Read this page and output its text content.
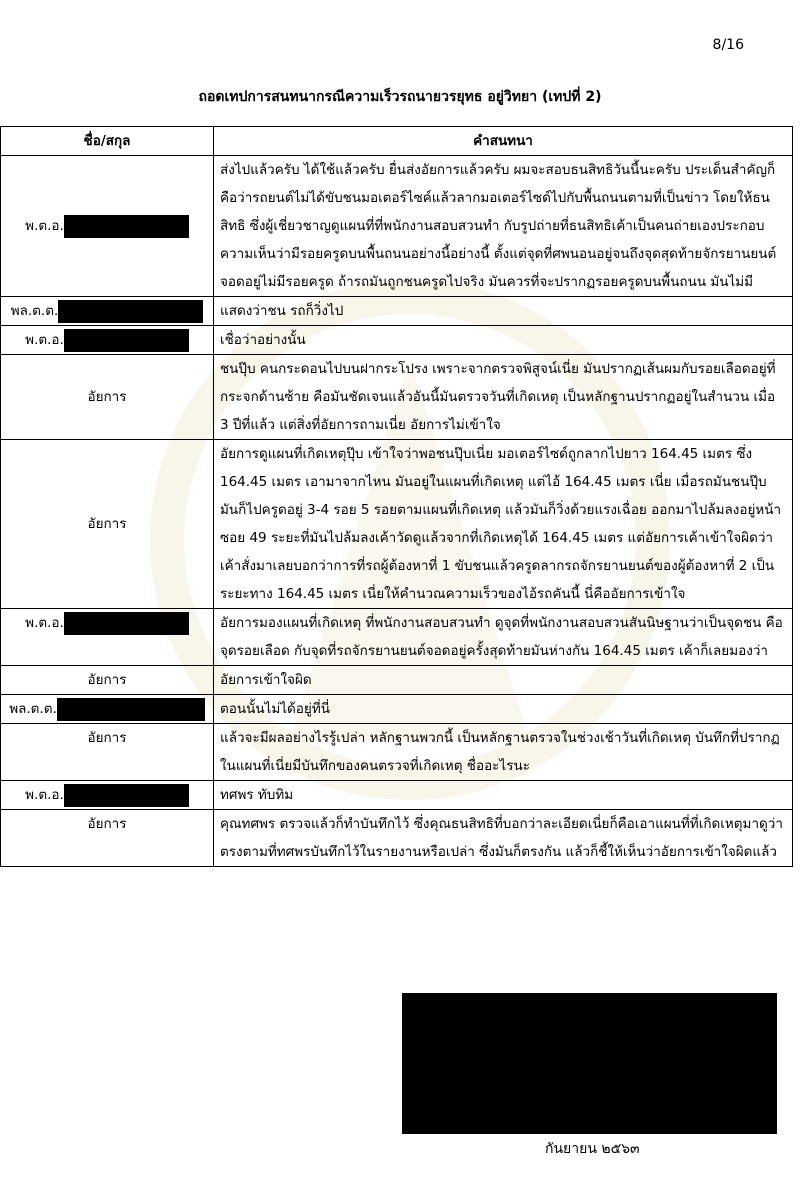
8/16
ถอดเทปการสนทนากรณีความเร็วรถนายวรยุทธ อยู่วิทยา (เทปที่ 2)
ชื่อ/สกุล	คำสนทนา
พ.ต.อ.	ส่งไปแล้วครับ ได้ใช้แล้วครับ ยื่นส่งอัยการแล้วครับ ผมจะสอบธนสิทธิวันนี้นะครับ ประเด็นสำคัญก็คือว่ารถยนต์ไม่ได้ขับชนมอเตอร์ไซค์แล้วลากมอเตอร์ไซด์ไปกับพื้นถนนตามที่เป็นข่าว โดยให้ธนสิทธิ ซึ่งผู้เชี่ยวชาญดูแผนที่ที่พนักงานสอบสวนทำ กับรูปถ่ายที่ธนสิทธิเค้าเป็นคนถ่ายเองประกอบความเห็นว่ามีรอยครูดบนพื้นถนนอย่างนี้อย่างนี้ ตั้งแต่จุดที่ศพนอนอยู่จนถึงจุดสุดท้ายจักรยานยนต์จอดอยู่ไม่มีรอยครูด ถ้ารถมันถูกชนครูดไปจริง มันควรที่จะปรากฏรอยครูดบนพื้นถนน มันไม่มี
พล.ต.ต.	แสดงว่าชน รถก็วิ่งไป
พ.ต.อ.	เชื่อว่าอย่างนั้น
อัยการ	ชนปุ๊บ คนกระดอนไปบนฝากระโปรง เพราะจากตรวจพิสูจน์เนี่ย มันปรากฏเส้นผมกับรอยเลือดอยู่ที่กระจกด้านซ้าย คือมันชัดเจนแล้วอันนี้มันตรวจวันที่เกิดเหตุ เป็นหลักฐานปรากฏอยู่ในสำนวน เมื่อ 3 ปีที่แล้ว แต่สิ่งที่อัยการถามเนี่ย อัยการไม่เข้าใจ
อัยการ	อัยการดูแผนที่เกิดเหตุปุ๊บ เข้าใจว่าพอชนปุ๊บเนี่ย มอเตอร์ไซด์ถูกลากไปยาว 164.45 เมตร ซึ่ง 164.45 เมตร เอามาจากไหน มันอยู่ในแผนที่เกิดเหตุ แต่ไอ้ 164.45 เมตร เนี่ย เมื่อรถมันชนปุ๊บ มันก็ไปครูดอยู่ 3-4 รอย 5 รอยตามแผนที่เกิดเหตุ แล้วมันก็วิ่งด้วยแรงเฉื่อย ออกมาไปล้มลงอยู่หน้าซอย 49 ระยะที่มันไปล้มลงเค้าวัดดูแล้วจากที่เกิดเหตุได้ 164.45 เมตร แต่อัยการเค้าเข้าใจผิดว่า เค้าสั่งมาเลยบอกว่าการที่รถผู้ต้องหาที่ 1 ขับชนแล้วครูดลากรถจักรยานยนต์ของผู้ต้องหาที่ 2 เป็นระยะทาง 164.45 เมตร เนี่ยให้คำนวณความเร็วของไอ้รถคันนี้ นี่คืออัยการเข้าใจ
พ.ต.อ.	อัยการมองแผนที่เกิดเหตุ ที่พนักงานสอบสวนทำ ดูจุดที่พนักงานสอบสวนสันนิษฐานว่าเป็นจุดชน คือ จุดรอยเลือด กับจุดที่รถจักรยานยนต์จอดอยู่ครั้งสุดท้ายมันห่างกัน 164.45 เมตร เค้าก็เลยมองว่า
อัยการ	อัยการเข้าใจผิด
พล.ต.ต.	ตอนนั้นไม่ได้อยู่ที่นี่
อัยการ	แล้วจะมีผลอย่างไรรู้เปล่า หลักฐานพวกนี้ เป็นหลักฐานตรวจในช่วงเช้าวันที่เกิดเหตุ บันทึกที่ปรากฏในแผนที่เนี่ยมีบันทึกของคนตรวจที่เกิดเหตุ ชื่ออะไรนะ
พ.ต.อ.	ทศพร ทับทิม
อัยการ	คุณทศพร ตรวจแล้วก็ทำบันทึกไว้ ซึ่งคุณธนสิทธิที่บอกว่าละเอียดเนี่ยก็คือเอาแผนที่ที่เกิดเหตุมาดูว่าตรงตามที่ทศพรบันทึกไว้ในรายงานหรือเปล่า ซึ่งมันก็ตรงกัน แล้วก็ชี้ให้เห็นว่าอัยการเข้าใจผิดแล้ว
กันยายน ๒๕๖๓
